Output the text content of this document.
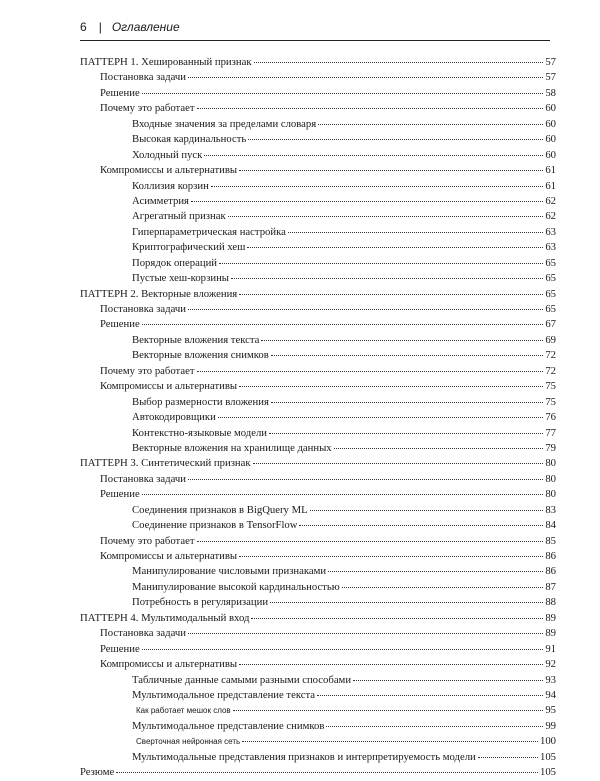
6 | Оглавление
ПАТТЕРН 1. Хешированный признак	57
Постановка задачи	57
Решение	58
Почему это работает	60
Входные значения за пределами словаря	60
Высокая кардинальность	60
Холодный пуск	60
Компромиссы и альтернативы	61
Коллизия корзин	61
Асимметрия	62
Агрегатный признак	62
Гиперпараметрическая настройка	63
Криптографический хеш	63
Порядок операций	65
Пустые хеш-корзины	65
ПАТТЕРН 2. Векторные вложения	65
Постановка задачи	65
Решение	67
Векторные вложения текста	69
Векторные вложения снимков	72
Почему это работает	72
Компромиссы и альтернативы	75
Выбор размерности вложения	75
Автокодировщики	76
Контекстно-языковые модели	77
Векторные вложения на хранилище данных	79
ПАТТЕРН 3. Синтетический признак	80
Постановка задачи	80
Решение	80
Соединения признаков в BigQuery ML	83
Соединение признаков в TensorFlow	84
Почему это работает	85
Компромиссы и альтернативы	86
Манипулирование числовыми признаками	86
Манипулирование высокой кардинальностью	87
Потребность в регуляризации	88
ПАТТЕРН 4. Мультимодальный вход	89
Постановка задачи	89
Решение	91
Компромиссы и альтернативы	92
Табличные данные самыми разными способами	93
Мультимодальное представление текста	94
Как работает мешок слов	95
Мультимодальное представление снимков	99
Сверточная нейронная сеть	100
Мультимодальные представления признаков и интерпретируемость модели	105
Резюме	105
